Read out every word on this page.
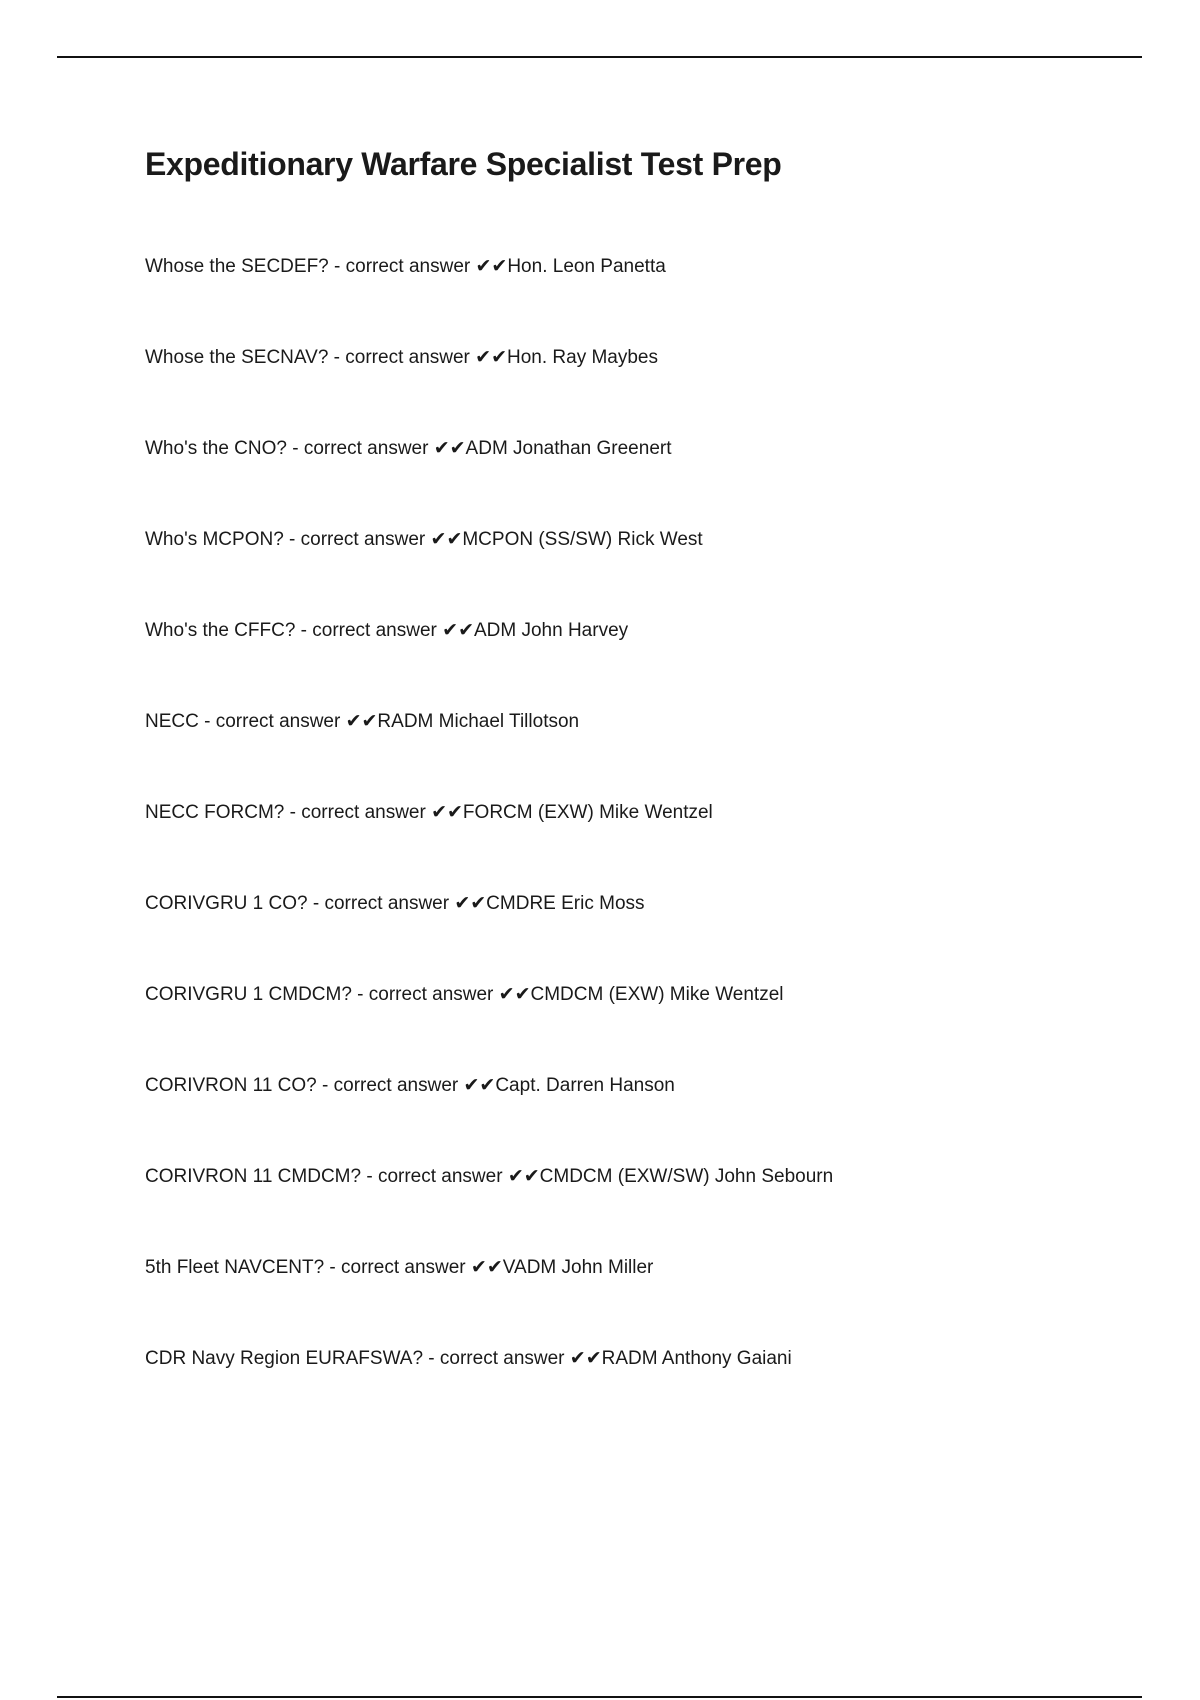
Expeditionary Warfare Specialist Test Prep

Whose the SECDEF? - correct answer ✔✔Hon. Leon Panetta

Whose the SECNAV? - correct answer ✔✔Hon. Ray Maybes

Who's the CNO? - correct answer ✔✔ADM Jonathan Greenert

Who's MCPON? - correct answer ✔✔MCPON (SS/SW) Rick West

Who's the CFFC? - correct answer ✔✔ADM John Harvey

NECC - correct answer ✔✔RADM Michael Tillotson

NECC FORCM? - correct answer ✔✔FORCM (EXW) Mike Wentzel

CORIVGRU 1 CO? - correct answer ✔✔CMDRE Eric Moss

CORIVGRU 1 CMDCM? - correct answer ✔✔CMDCM (EXW) Mike Wentzel

CORIVRON 11 CO? - correct answer ✔✔Capt. Darren Hanson

CORIVRON 11 CMDCM? - correct answer ✔✔CMDCM (EXW/SW) John Sebourn

5th Fleet NAVCENT? - correct answer ✔✔VADM John Miller

CDR Navy Region EURAFSWA? - correct answer ✔✔RADM Anthony Gaiani
